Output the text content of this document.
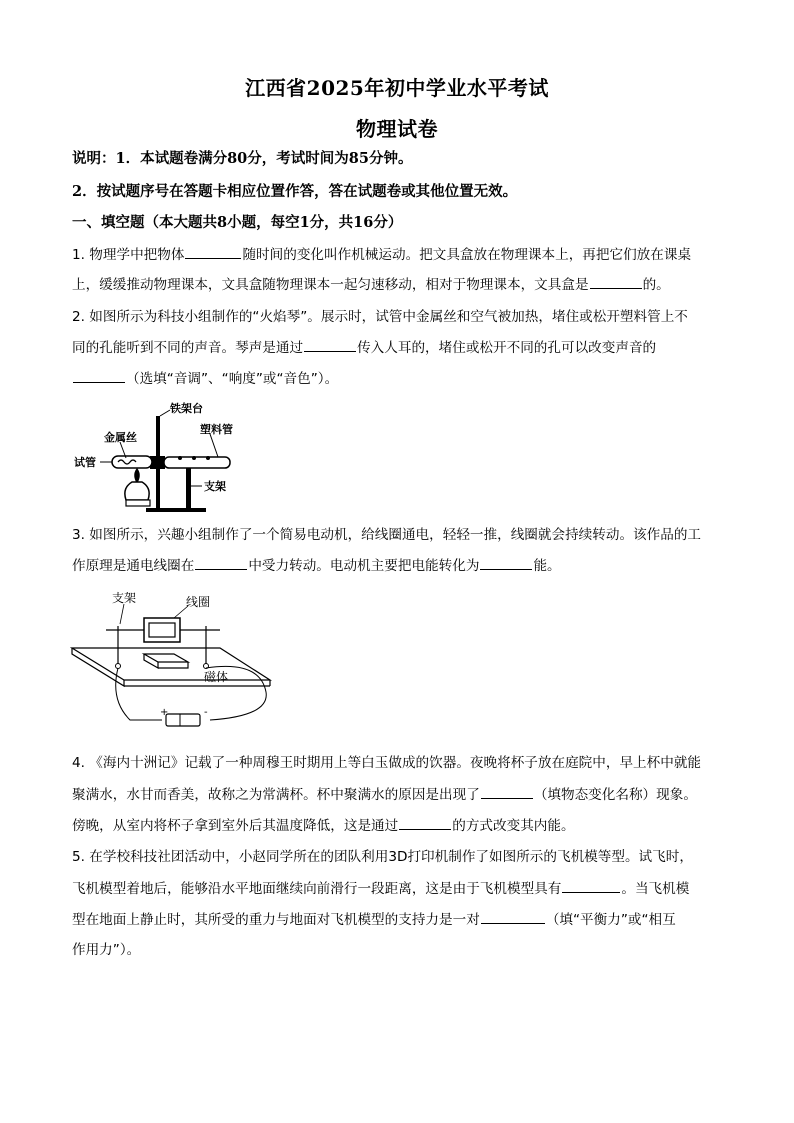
江西省2025年初中学业水平考试
物理试卷
说明：1．本试题卷满分80分，考试时间为85分钟。
2．按试题序号在答题卡相应位置作答，答在试题卷或其他位置无效。
一、填空题（本大题共8小题，每空1分，共16分）
1. 物理学中把物体	随时间的变化叫作机械运动。把文具盒放在物理课本上，再把它们放在课桌
上，缓缓推动物理课本，文具盒随物理课本一起匀速移动，相对于物理课本，文具盒是	的。
2. 如图所示为科技小组制作的“火焰琴”。展示时，试管中金属丝和空气被加热，堵住或松开塑料管上不
同的孔能听到不同的声音。琴声是通过	传入人耳的，堵住或松开不同的孔可以改变声音的
（选填“音调”、“响度”或“音色”）。
铁架台
塑料管
金属丝
试管
支架
3. 如图所示，兴趣小组制作了一个简易电动机，给线圈通电，轻轻一推，线圈就会持续转动。该作品的工
作原理是通电线圈在	中受力转动。电动机主要把电能转化为	能。
+	-
支架	线圈
磁体
4. 《海内十洲记》记载了一种周穆王时期用上等白玉做成的饮器。夜晚将杯子放在庭院中，早上杯中就能
聚满水，水甘而香美，故称之为常满杯。杯中聚满水的原因是出现了	（填物态变化名称）现象。
傍晚，从室内将杯子拿到室外后其温度降低，这是通过	的方式改变其内能。
5. 在学校科技社团活动中，小赵同学所在的团队利用3D打印机制作了如图所示的飞机模等型。试飞时，
飞机模型着地后，能够沿水平地面继续向前滑行一段距离，这是由于飞机模型具有	。当飞机模
型在地面上静止时，其所受的重力与地面对飞机模型的支持力是一对	（填“平衡力”或“相互
作用力”）。
